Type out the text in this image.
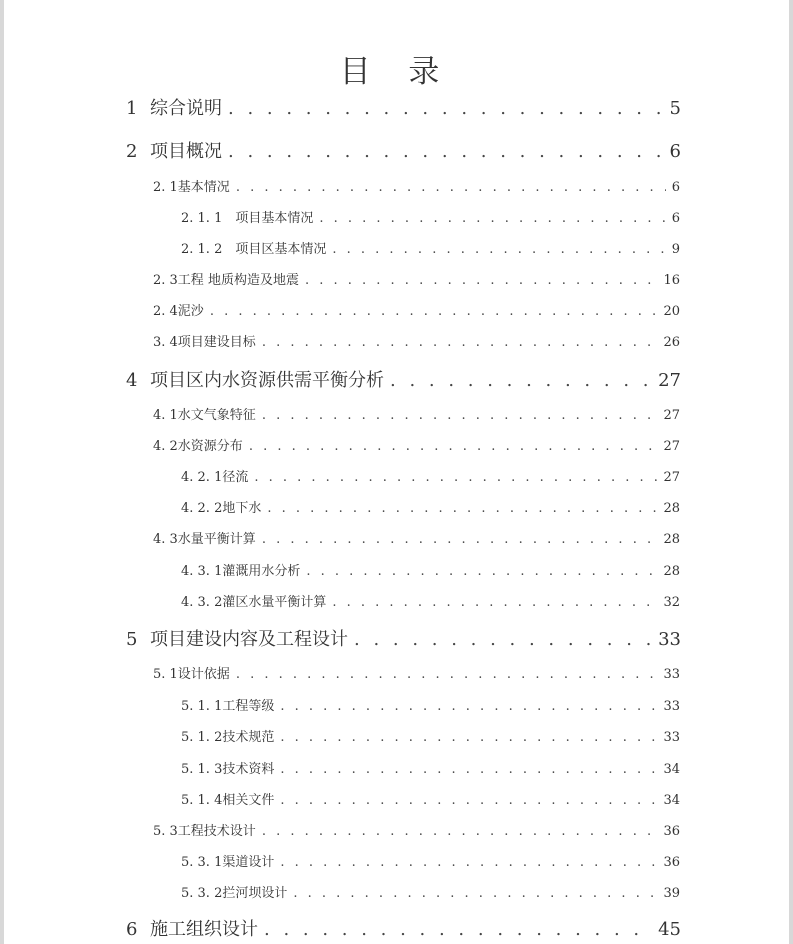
目 录
1 综合说明 . . .	5
2 项目概况 . . .	6
2. 1基本情况 . . .	6
2. 1. 1　项目基本情况 . . .	6
2. 1. 2　项目区基本情况 . . .	9
2. 3工程 地质构造及地震 . . .	16
2. 4泥沙 . . .	20
3. 4项目建设目标 . . .	26
4 项目区内水资源供需平衡分析 . . .	27
4. 1水文气象特征 . . .	27
4. 2水资源分布 . . .	27
4. 2. 1径流 . . .	27
4. 2. 2地下水 . . .	28
4. 3水量平衡计算 . . .	28
4. 3. 1灌溉用水分析 . . .	28
4. 3. 2灌区水量平衡计算 . . .	32
5 项目建设内容及工程设计 . . .	33
5. 1设计依据 . . .	33
5. 1. 1工程等级 . . .	33
5. 1. 2技术规范 . . .	33
5. 1. 3技术资料 . . .	34
5. 1. 4相关文件 . . .	34
5. 3工程技术设计 . . .	36
5. 3. 1渠道设计 . . .	36
5. 3. 2拦河坝设计 . . .	39
6 施工组织设计 . . .	45
